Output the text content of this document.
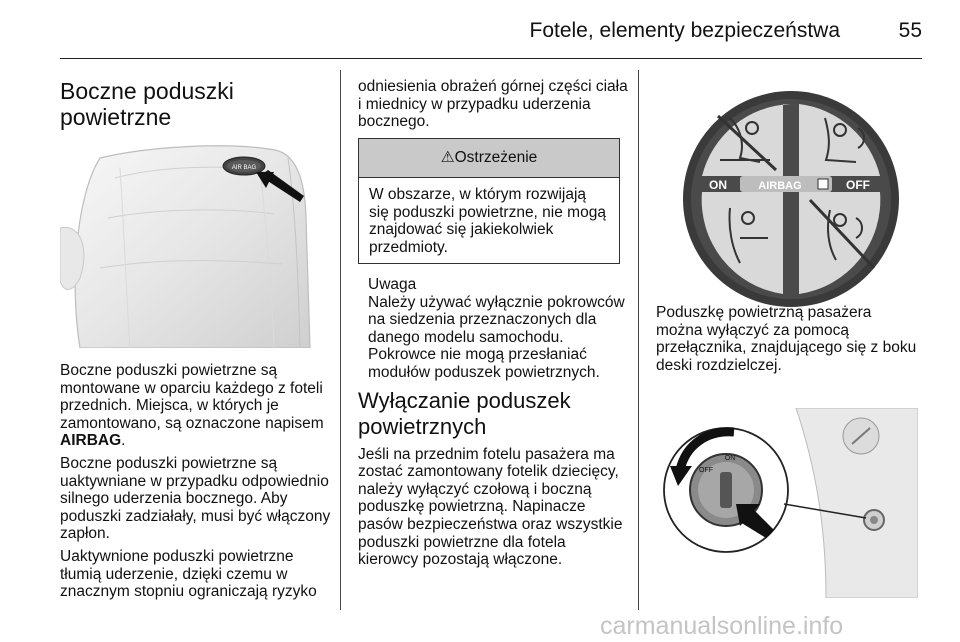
Fotele, elementy bezpieczeństwa	55
Boczne poduszki
powietrzne
AIR BAG

Boczne poduszki powietrzne są montowane w oparciu każdego z foteli przednich. Miejsca, w których je zamontowano, są oznaczone napisem AIRBAG.

Boczne poduszki powietrzne są uaktywniane w przypadku odpowiednio silnego uderzenia bocznego. Aby poduszki zadziałały, musi być włączony zapłon.

Uaktywnione poduszki powietrzne tłumią uderzenie, dzięki czemu w znacznym stopniu ograniczają ryzyko

odniesienia obrażeń górnej części ciała i miednicy w przypadku uderzenia bocznego.

⚠Ostrzeżenie
W obszarze, w którym rozwijają się poduszki powietrzne, nie mogą znajdować się jakiekolwiek przedmioty.
Uwaga
Należy używać wyłącznie pokrowców na siedzenia przeznaczonych dla danego modelu samochodu. Pokrowce nie mogą przesłaniać modułów poduszek powietrznych.
Wyłączanie poduszek powietrznych

Jeśli na przednim fotelu pasażera ma zostać zamontowany fotelik dziecięcy, należy wyłączyć czołową i boczną poduszkę powietrzną. Napinacze pasów bezpieczeństwa oraz wszystkie poduszki powietrzne dla fotela kierowcy pozostają włączone.

ON	AIRBAG	OFF

Poduszkę powietrzną pasażera można wyłączyć za pomocą przełącznika, znajdującego się z boku deski rozdzielczej.

ON
OFF
carmanualsonline.info
